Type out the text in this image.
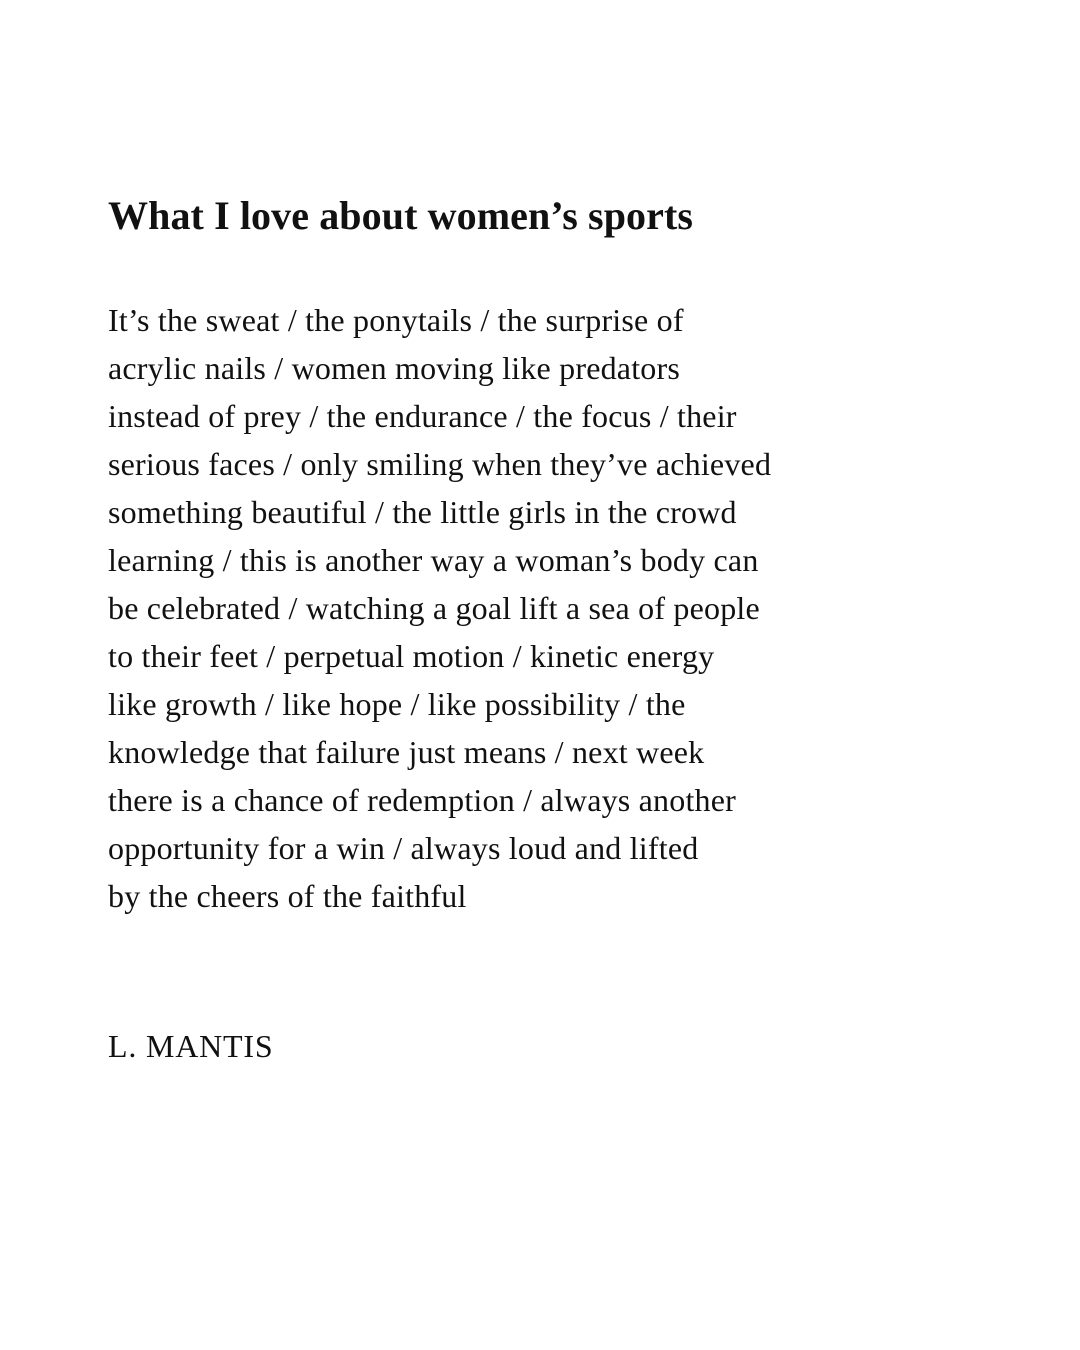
What I love about women’s sports
It’s the sweat / the ponytails / the surprise of
acrylic nails / women moving like predators
instead of prey / the endurance / the focus / their
serious faces / only smiling when they’ve achieved
something beautiful / the little girls in the crowd
learning / this is another way a woman’s body can
be celebrated / watching a goal lift a sea of people
to their feet / perpetual motion / kinetic energy
like growth / like hope / like possibility / the
knowledge that failure just means / next week
there is a chance of redemption / always another
opportunity for a win / always loud and lifted
by the cheers of the faithful

L. MANTIS
